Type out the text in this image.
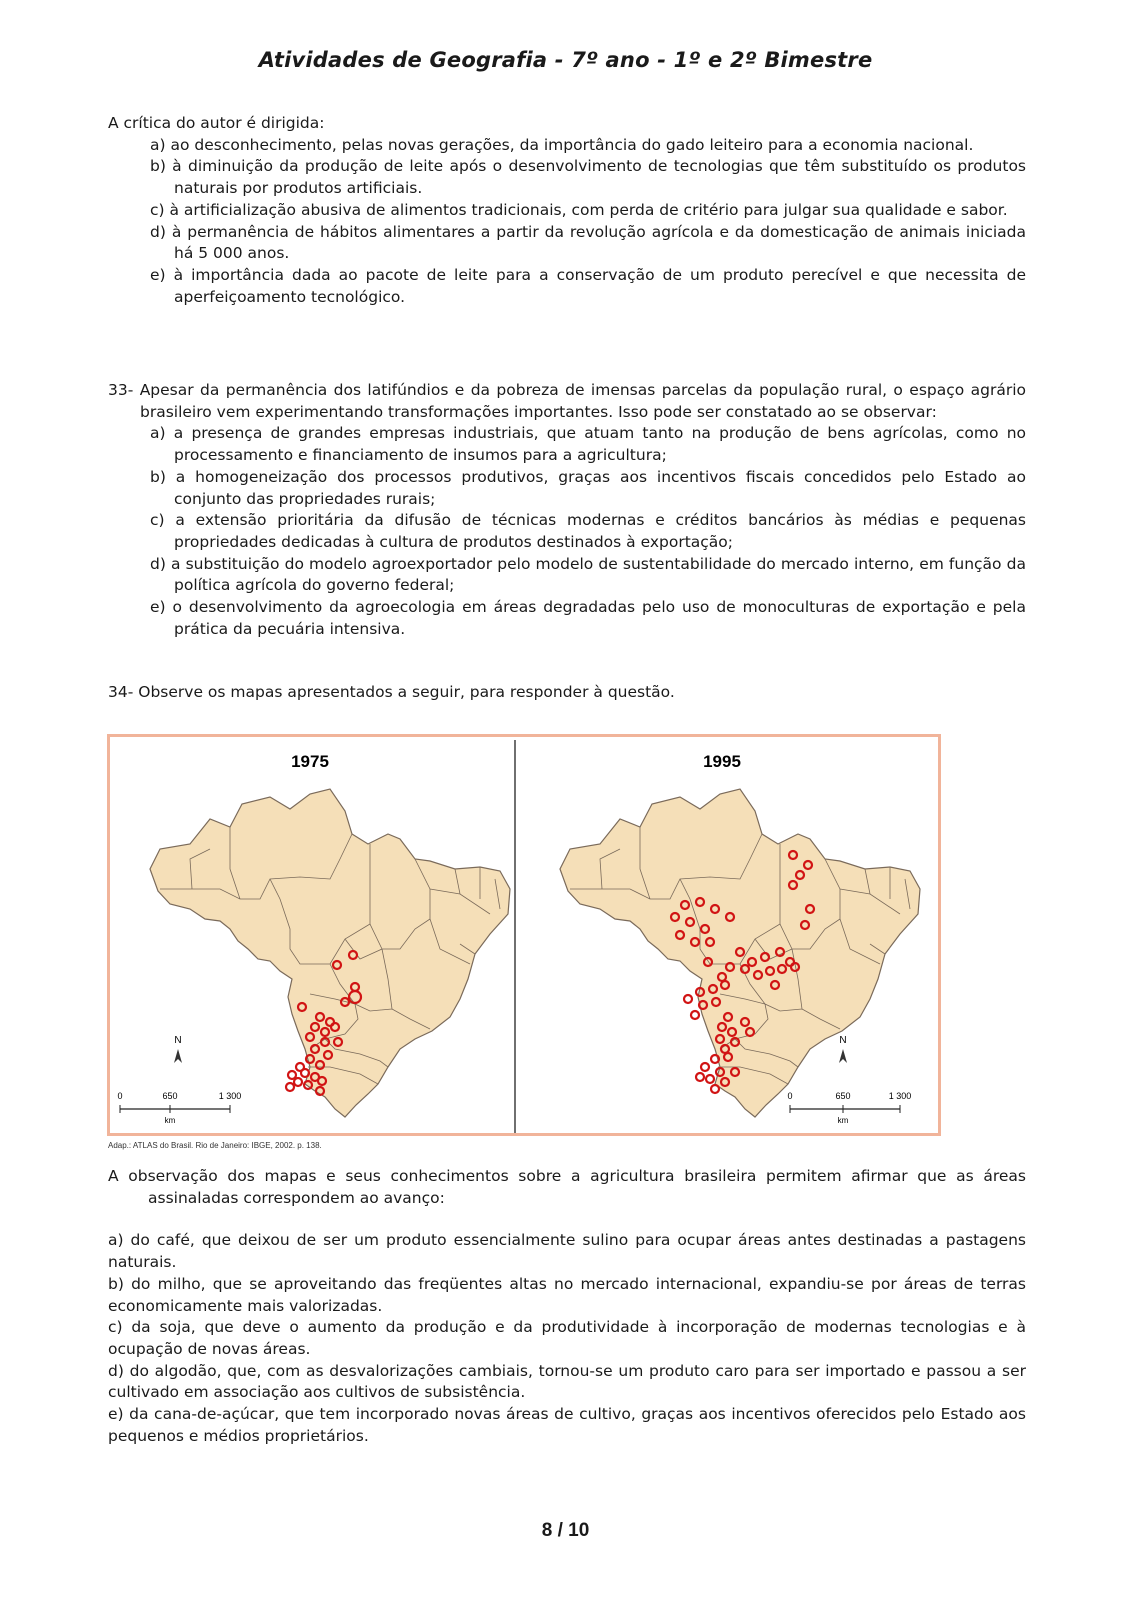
Atividades de Geografia - 7º ano - 1º e 2º Bimestre

A crítica do autor é dirigida:

a) ao desconhecimento, pelas novas gerações, da importância do gado leiteiro para a economia nacional.

b) à diminuição da produção de leite após o desenvolvimento de tecnologias que têm substituído os produtos naturais por produtos artificiais.

c) à artificialização abusiva de alimentos tradicionais, com perda de critério para julgar sua qualidade e sabor.

d) à permanência de hábitos alimentares a partir da revolução agrícola e da domesticação de animais iniciada há 5 000 anos.

e) à importância dada ao pacote de leite para a conservação de um produto perecível e que necessita de aperfeiçoamento tecnológico.

33- Apesar da permanência dos latifúndios e da pobreza de imensas parcelas da população rural, o espaço agrário brasileiro vem experimentando transformações importantes. Isso pode ser constatado ao se observar:

a) a presença de grandes empresas industriais, que atuam tanto na produção de bens agrícolas, como no processamento e financiamento de insumos para a agricultura;

b) a homogeneização dos processos produtivos, graças aos incentivos fiscais concedidos pelo Estado ao conjunto das propriedades rurais;

c) a extensão prioritária da difusão de técnicas modernas e créditos bancários às médias e pequenas propriedades dedicadas à cultura de produtos destinados à exportação;

d) a substituição do modelo agroexportador pelo modelo de sustentabilidade do mercado interno, em função da política agrícola do governo federal;

e) o desenvolvimento da agroecologia em áreas degradadas pelo uso de monoculturas de exportação e pela prática da pecuária intensiva.

34- Observe os mapas apresentados a seguir, para responder à questão.

1975
N
0	650	1 300
km
1995
N
0	650	1 300
km
Adap.: ATLAS do Brasil. Rio de Janeiro: IBGE, 2002. p. 138.

A observação dos mapas e seus conhecimentos sobre a agricultura brasileira permitem afirmar que as áreas assinaladas correspondem ao avanço:

a) do café, que deixou de ser um produto essencialmente sulino para ocupar áreas antes destinadas a pastagens naturais.

b) do milho, que se aproveitando das freqüentes altas no mercado internacional, expandiu-se por áreas de terras economicamente mais valorizadas.

c) da soja, que deve o aumento da produção e da produtividade à incorporação de modernas tecnologias e à ocupação de novas áreas.

d) do algodão, que, com as desvalorizações cambiais, tornou-se um produto caro para ser importado e passou a ser cultivado em associação aos cultivos de subsistência.

e) da cana-de-açúcar, que tem incorporado novas áreas de cultivo, graças aos incentivos oferecidos pelo Estado aos pequenos e médios proprietários.

8 / 10
